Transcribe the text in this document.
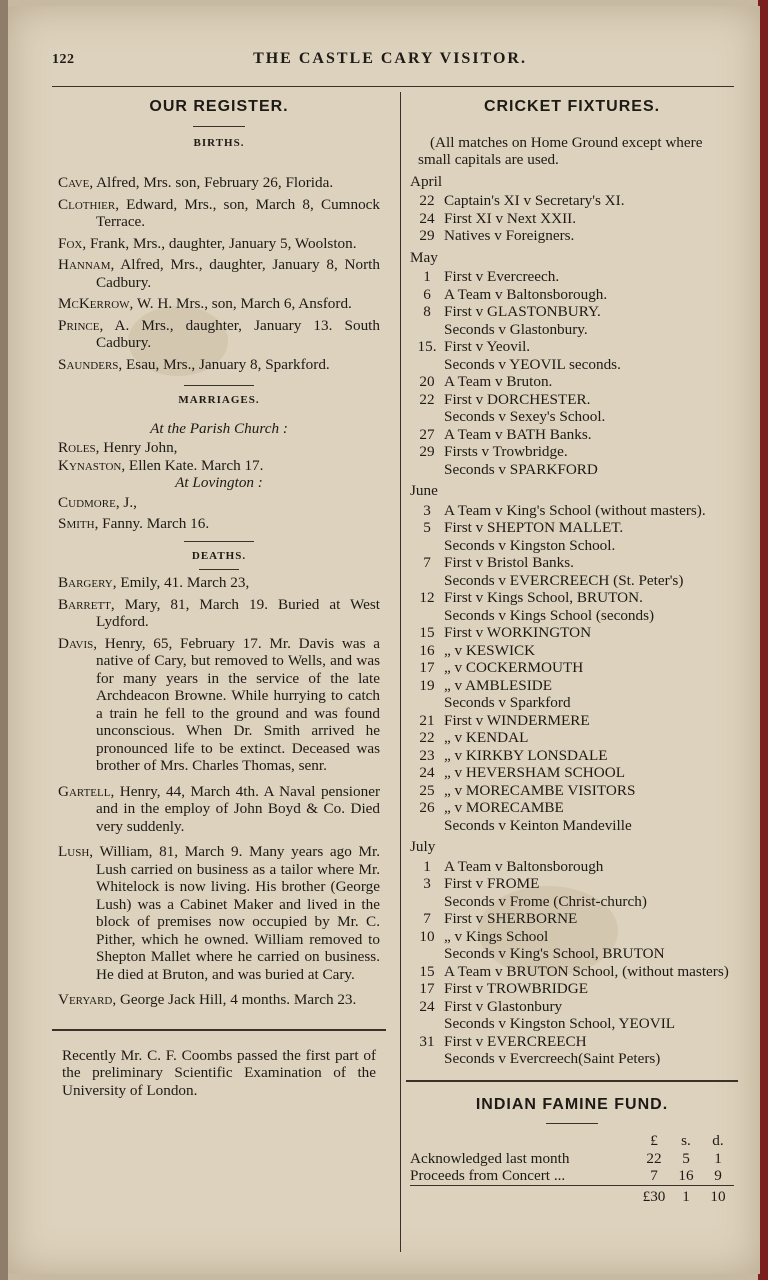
122	THE CASTLE CARY VISITOR.
OUR REGISTER.
BIRTHS.
Cave, Alfred, Mrs. son, February 26, Florida.
Clothier, Edward, Mrs., son, March 8, Cumnock Terrace.
Fox, Frank, Mrs., daughter, January 5, Woolston.
Hannam, Alfred, Mrs., daughter, January 8, North Cadbury.
McKerrow, W. H. Mrs., son, March 6, Ansford.
Prince, A. Mrs., daughter, January 13. South Cadbury.
Saunders, Esau, Mrs., January 8, Sparkford.
MARRIAGES.
At the Parish Church :
Roles, Henry John,
Kynaston, Ellen Kate. March 17.
At Lovington :
Cudmore, J.,
Smith, Fanny. March 16.
DEATHS.
Bargery, Emily, 41. March 23,
Barrett, Mary, 81, March 19. Buried at West Lydford.
Davis, Henry, 65, February 17. Mr. Davis was a native of Cary, but removed to Wells, and was for many years in the service of the late Archdeacon Browne. While hurrying to catch a train he fell to the ground and was found unconscious. When Dr. Smith arrived he pronounced life to be extinct. Deceased was brother of Mrs. Charles Thomas, senr.
Gartell, Henry, 44, March 4th. A Naval pensioner and in the employ of John Boyd & Co. Died very suddenly.
Lush, William, 81, March 9. Many years ago Mr. Lush carried on business as a tailor where Mr. Whitelock is now living. His brother (George Lush) was a Cabinet Maker and lived in the block of premises now occupied by Mr. C. Pither, which he owned. William removed to Shepton Mallet where he carried on business. He died at Bruton, and was buried at Cary.
Veryard, George Jack Hill, 4 months. March 23.
Recently Mr. C. F. Coombs passed the first part of the preliminary Scientific Examination of the University of London.
CRICKET FIXTURES.
(All matches on Home Ground except where small capitals are used.
April
22 Captain's XI v Secretary's XI.
24 First XI v Next XXII.
29 Natives v Foreigners.
May
1 First v Evercreech.
6 A Team v Baltonsborough.
8 First v GLASTONBURY.
Seconds v Glastonbury.
15. First v Yeovil.
Seconds v YEOVIL seconds.
20 A Team v Bruton.
22 First v DORCHESTER.
Seconds v Sexey's School.
27 A Team v BATH Banks.
29 Firsts v Trowbridge.
Seconds v SPARKFORD
June
3 A Team v King's School (without masters).
5 First v SHEPTON MALLET.
Seconds v Kingston School.
7 First v Bristol Banks.
Seconds v EVERCREECH (St. Peter's)
12 First v Kings School, BRUTON.
Seconds v Kings School (seconds)
15 First v WORKINGTON
16 „ v KESWICK
17 „ v COCKERMOUTH
19 „ v AMBLESIDE
Seconds v Sparkford
21 First v WINDERMERE
22 „ v KENDAL
23 „ v KIRKBY LONSDALE
24 „ v HEVERSHAM SCHOOL
25 „ v MORECAMBE VISITORS
26 „ v MORECAMBE
Seconds v Keinton Mandeville
July
1 A Team v Baltonsborough
3 First v FROME
Seconds v Frome (Christ-church)
7 First v SHERBORNE
10 „ v Kings School
Seconds v King's School, BRUTON
15 A Team v BRUTON School, (without masters)
17 First v TROWBRIDGE
24 First v Glastonbury
Seconds v Kingston School, YEOVIL
31 First v EVERCREECH
Seconds v Evercreech(Saint Peters)
INDIAN FAMINE FUND.
	£	s.	d.
Acknowledged last month	22	5	1
Proceeds from Concert ...	7	16	9
	£30	1	10
